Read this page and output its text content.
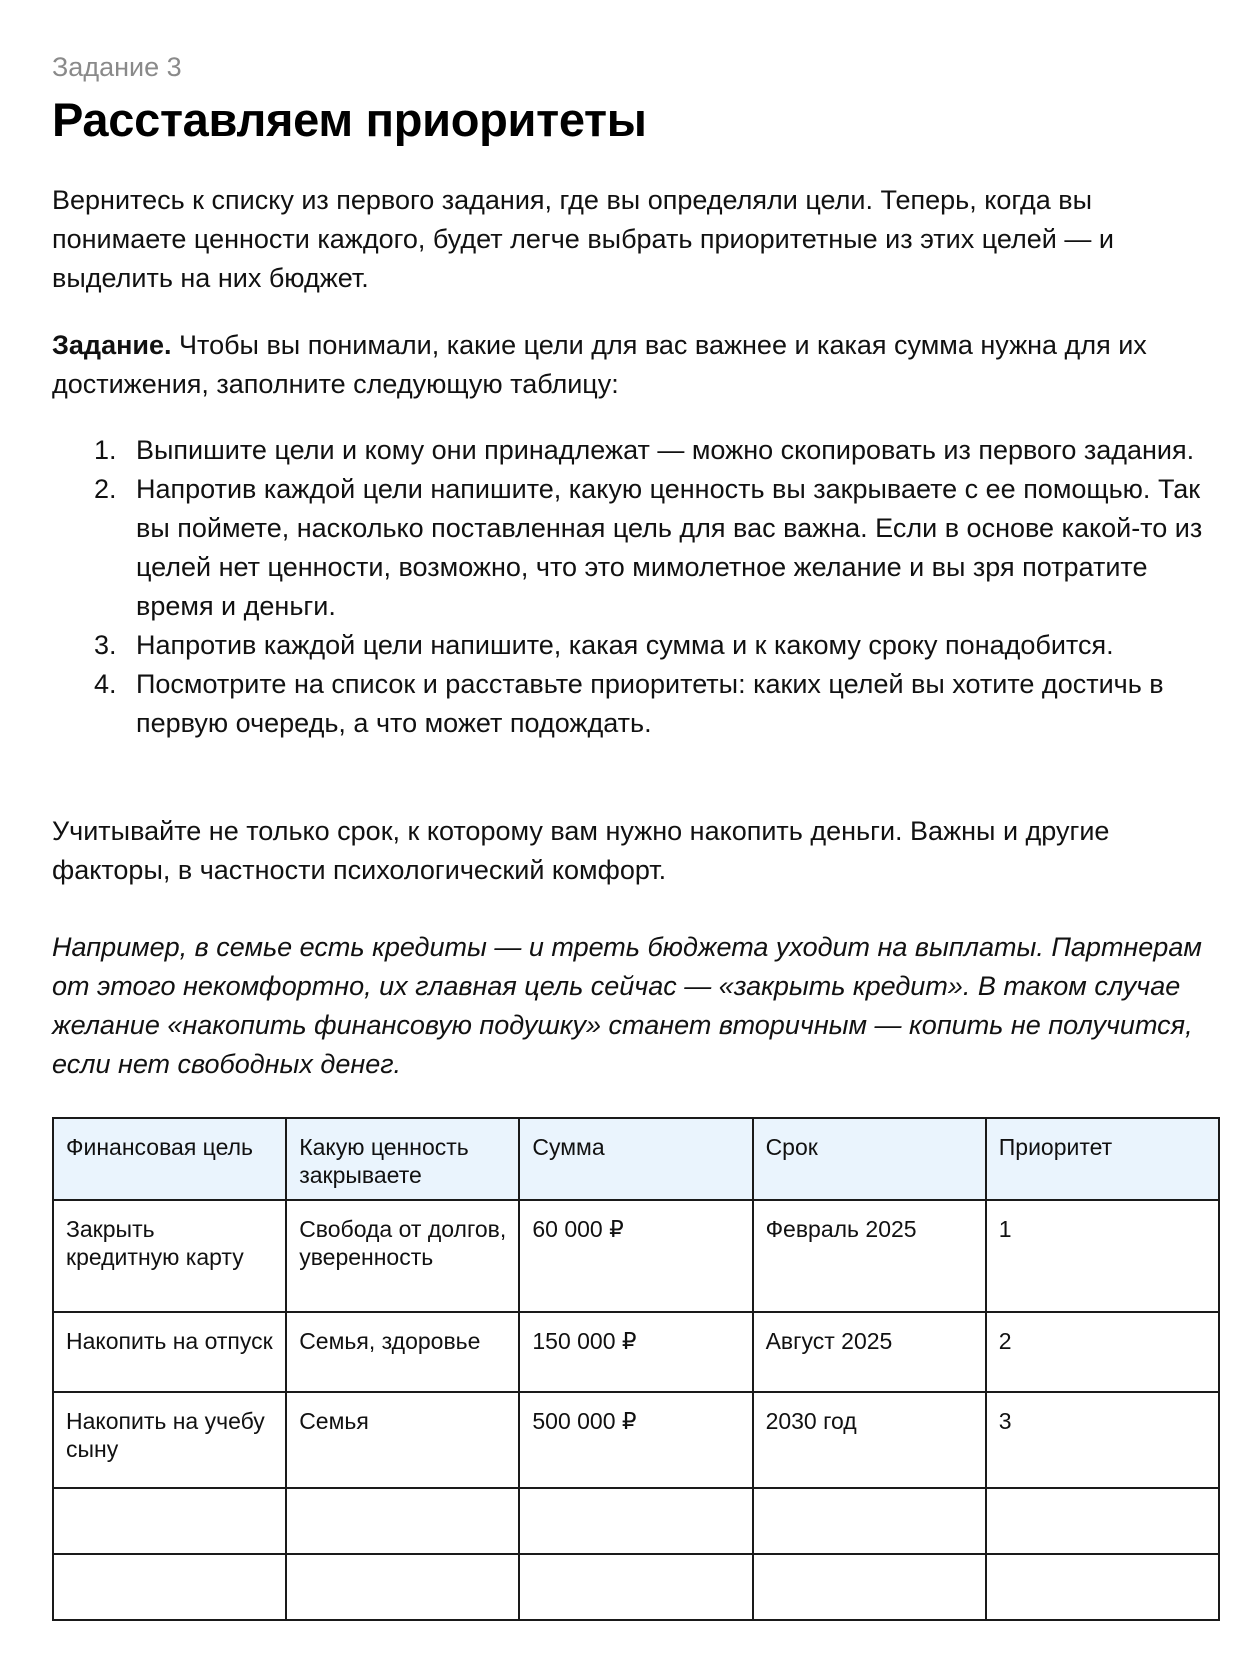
Задание 3
Расставляем приоритеты

Вернитесь к списку из первого задания, где вы определяли цели. Теперь, когда вы понимаете ценности каждого, будет легче выбрать приоритетные из этих целей — и выделить на них бюджет.

Задание. Чтобы вы понимали, какие цели для вас важнее и какая сумма нужна для их достижения, заполните следующую таблицу:

1. Выпишите цели и кому они принадлежат — можно скопировать из первого задания.
2. Напротив каждой цели напишите, какую ценность вы закрываете с ее помощью. Так вы поймете, насколько поставленная цель для вас важна. Если в основе какой-то из целей нет ценности, возможно, что это мимолетное желание и вы зря потратите время и деньги.
3. Напротив каждой цели напишите, какая сумма и к какому сроку понадобится.
4. Посмотрите на список и расставьте приоритеты: каких целей вы хотите достичь в первую очередь, а что может подождать.

Учитывайте не только срок, к которому вам нужно накопить деньги. Важны и другие факторы, в частности психологический комфорт.

Например, в семье есть кредиты — и треть бюджета уходит на выплаты. Партнерам от этого некомфортно, их главная цель сейчас — «закрыть кредит». В таком случае желание «накопить финансовую подушку» станет вторичным — копить не получится, если нет свободных денег.

Финансовая цель	Какую ценность закрываете	Сумма	Срок	Приоритет
Закрыть кредитную карту	Свобода от долгов, уверенность	60 000 ₽	Февраль 2025	1
Накопить на отпуск	Семья, здоровье	150 000 ₽	Август 2025	2
Накопить на учебу сыну	Семья	500 000 ₽	2030 год	3
